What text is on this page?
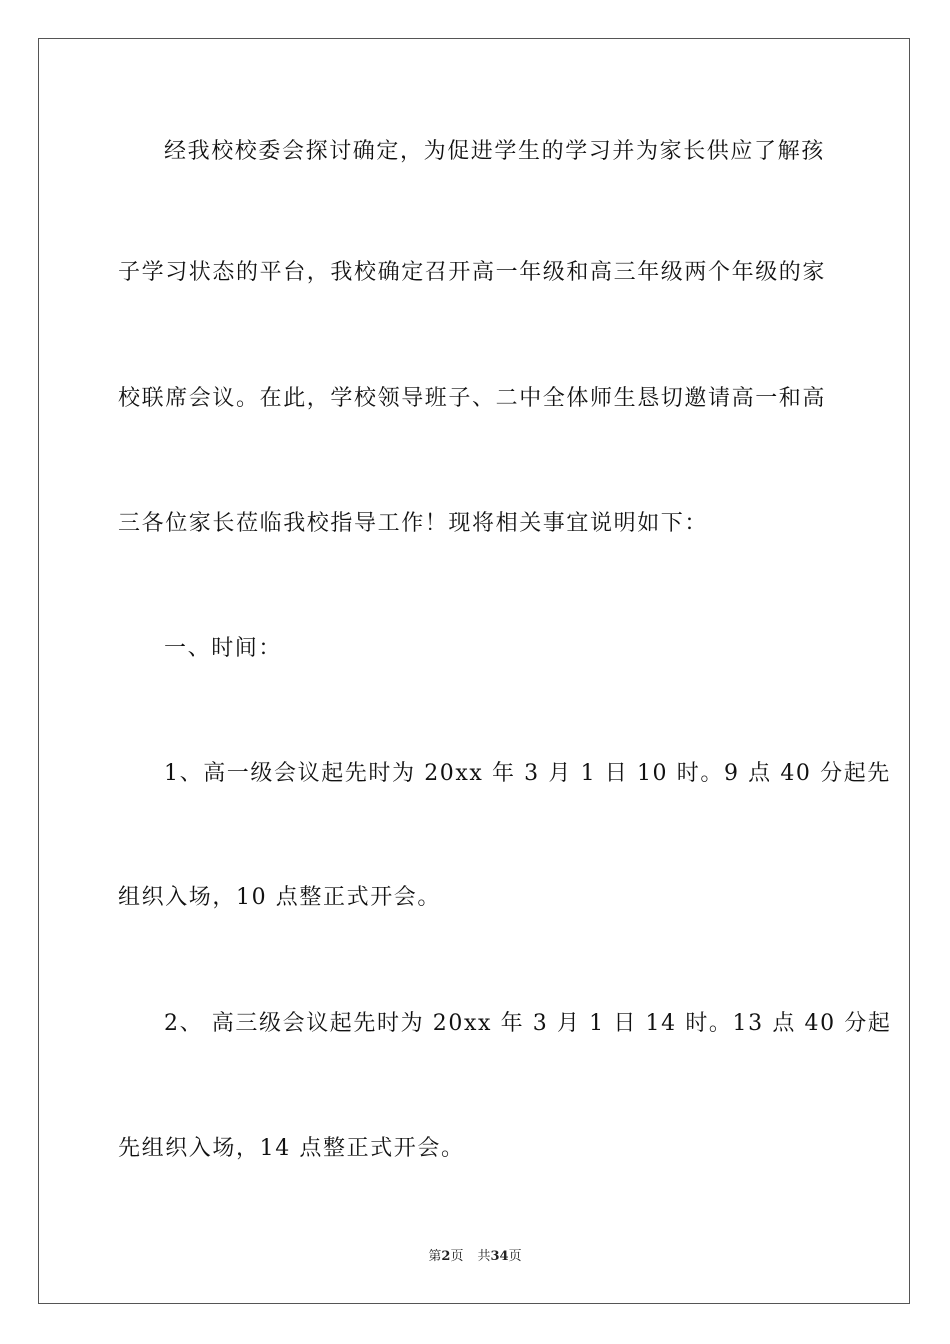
经我校校委会探讨确定，为促进学生的学习并为家长供应了解孩
子学习状态的平台，我校确定召开高一年级和高三年级两个年级的家
校联席会议。在此，学校领导班子、二中全体师生恳切邀请高一和高
三各位家长莅临我校指导工作！现将相关事宜说明如下：
一、时间：
1、高一级会议起先时为 20xx 年 3 月 1 日 10 时。9 点 40 分起先
组织入场，10 点整正式开会。
2、 高三级会议起先时为 20xx 年 3 月 1 日 14 时。13 点 40 分起
先组织入场，14 点整正式开会。
第2页 共34页
